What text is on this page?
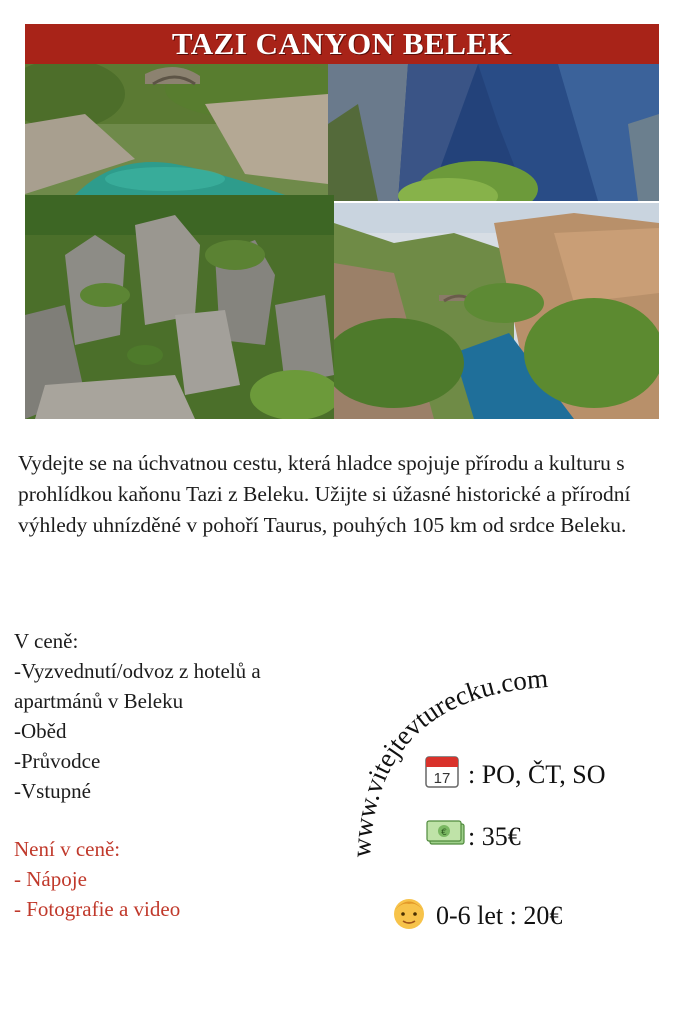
TAZI CANYON BELEK
Vydejte se na úchvatnou cestu, která hladce spojuje přírodu a kulturu s prohlídkou kaňonu Tazi z Beleku. Užijte si úžasné historické a přírodní výhledy uhnízděné v pohoří Taurus, pouhých 105 km od srdce Beleku.
V ceně:
-Vyzvednutí/odvoz z hotelů a
apartmánů v Beleku
-Oběd
-Průvodce
-Vstupné
Není v ceně:
- Nápoje
- Fotografie a video
www.vitejtevturecku.com
17 : PO, ČT, SO
€ : 35€
0-6 let : 20€
